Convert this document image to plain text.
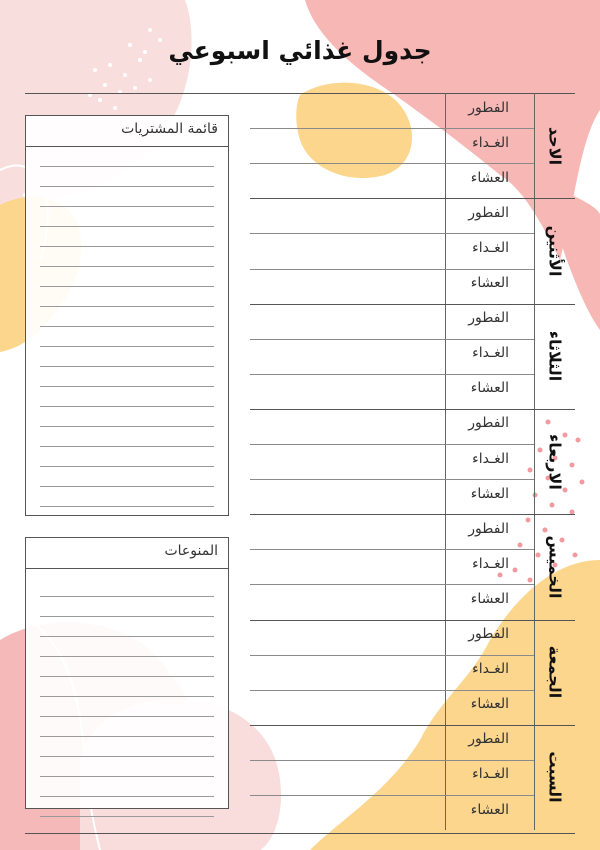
جدول غذائي اسبوعي
الاحد
الفطور
الغـداء
العشاء
الأثنين
الفطور
الغـداء
العشاء
الثلاثاء
الفطور
الغـداء
العشاء
الاربعاء
الفطور
الغـداء
العشاء
الخميس
الفطور
الغـداء
العشاء
الجمعة
الفطور
الغـداء
العشاء
السبت
الفطور
الغـداء
العشاء
قائمة المشتريات
المنوعات
